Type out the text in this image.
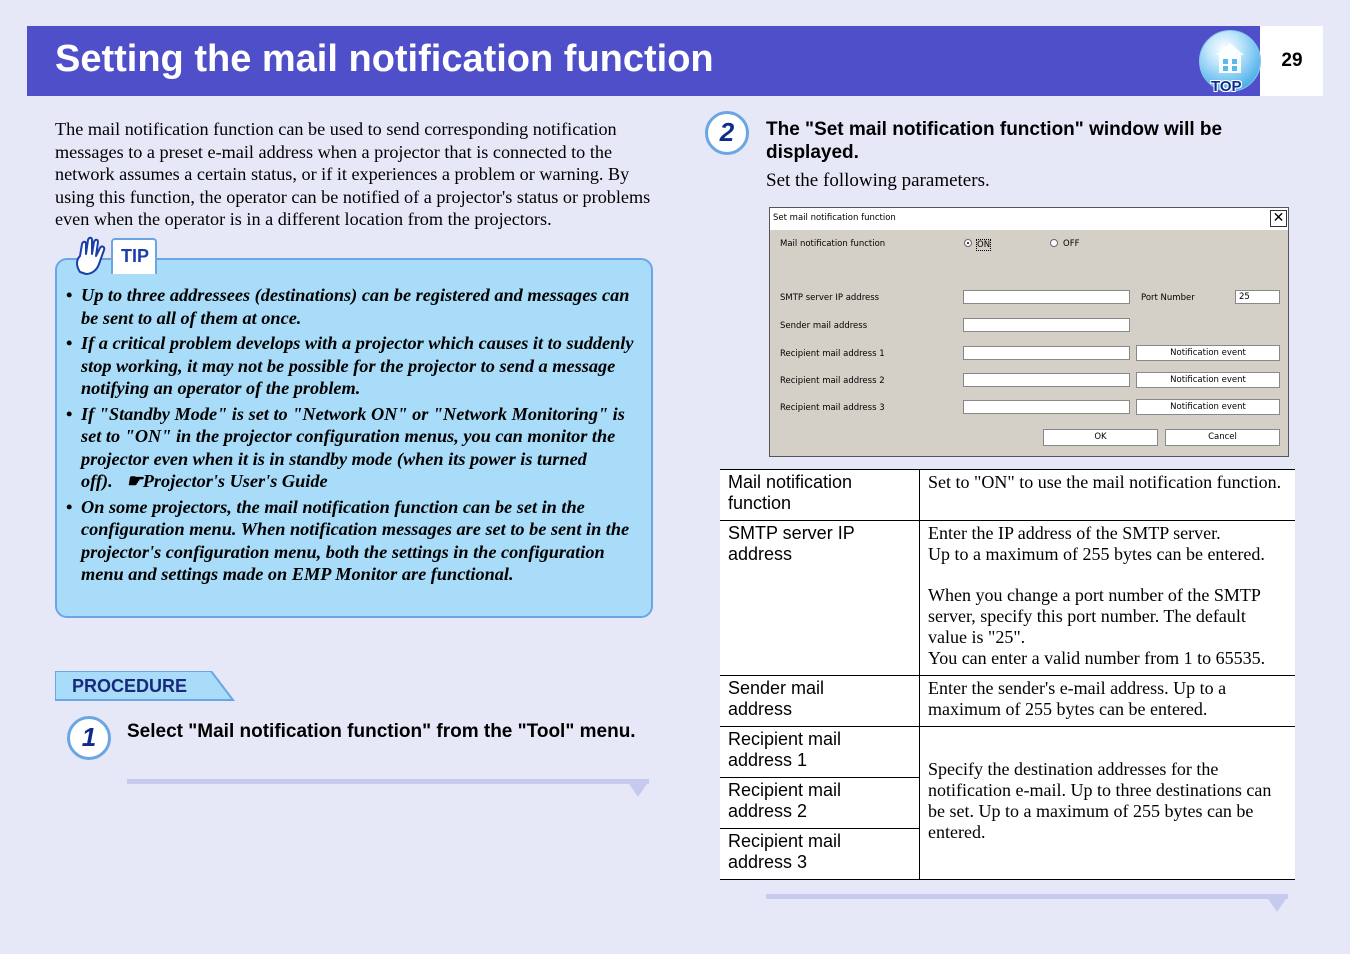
Setting the mail notification function	29
TOP
The mail notification function can be used to send corresponding notification messages to a preset e-mail address when a projector that is connected to the network assumes a certain status, or if it experiences a problem or warning. By using this function, the operator can be notified of a projector's status or problems even when the operator is in a different location from the projectors.
TIP
• Up to three addressees (destinations) can be registered and messages can be sent to all of them at once.
• If a critical problem develops with a projector which causes it to suddenly stop working, it may not be possible for the projector to send a message notifying an operator of the problem.
• If "Standby Mode" is set to "Network ON" or "Network Monitoring" is set to "ON" in the projector configuration menus, you can monitor the projector even when it is in standby mode (when its power is turned off). ☛Projector's User's Guide
• On some projectors, the mail notification function can be set in the configuration menu. When notification messages are set to be sent in the projector's configuration menu, both the settings in the configuration menu and settings made on EMP Monitor are functional.
PROCEDURE
1	Select "Mail notification function" from the "Tool" menu.
2	The "Set mail notification function" window will be displayed.
Set the following parameters.
Set mail notification function	✕
Mail notification function	ON	OFF
SMTP server IP address	Port Number	25
Sender mail address
Recipient mail address 1	Notification event
Recipient mail address 2	Notification event
Recipient mail address 3	Notification event
OK	Cancel
Mail notification function	Set to "ON" to use the mail notification function.
SMTP server IP address	Enter the IP address of the SMTP server.
Up to a maximum of 255 bytes can be entered.
When you change a port number of the SMTP server, specify this port number. The default value is "25".
You can enter a valid number from 1 to 65535.

Sender mail address	Enter the sender's e-mail address. Up to a maximum of 255 bytes can be entered.
Recipient mail address 1	Specify the destination addresses for the notification e-mail. Up to three destinations can be set. Up to a maximum of 255 bytes can be entered.
Recipient mail address 2	
Recipient mail address 3	
